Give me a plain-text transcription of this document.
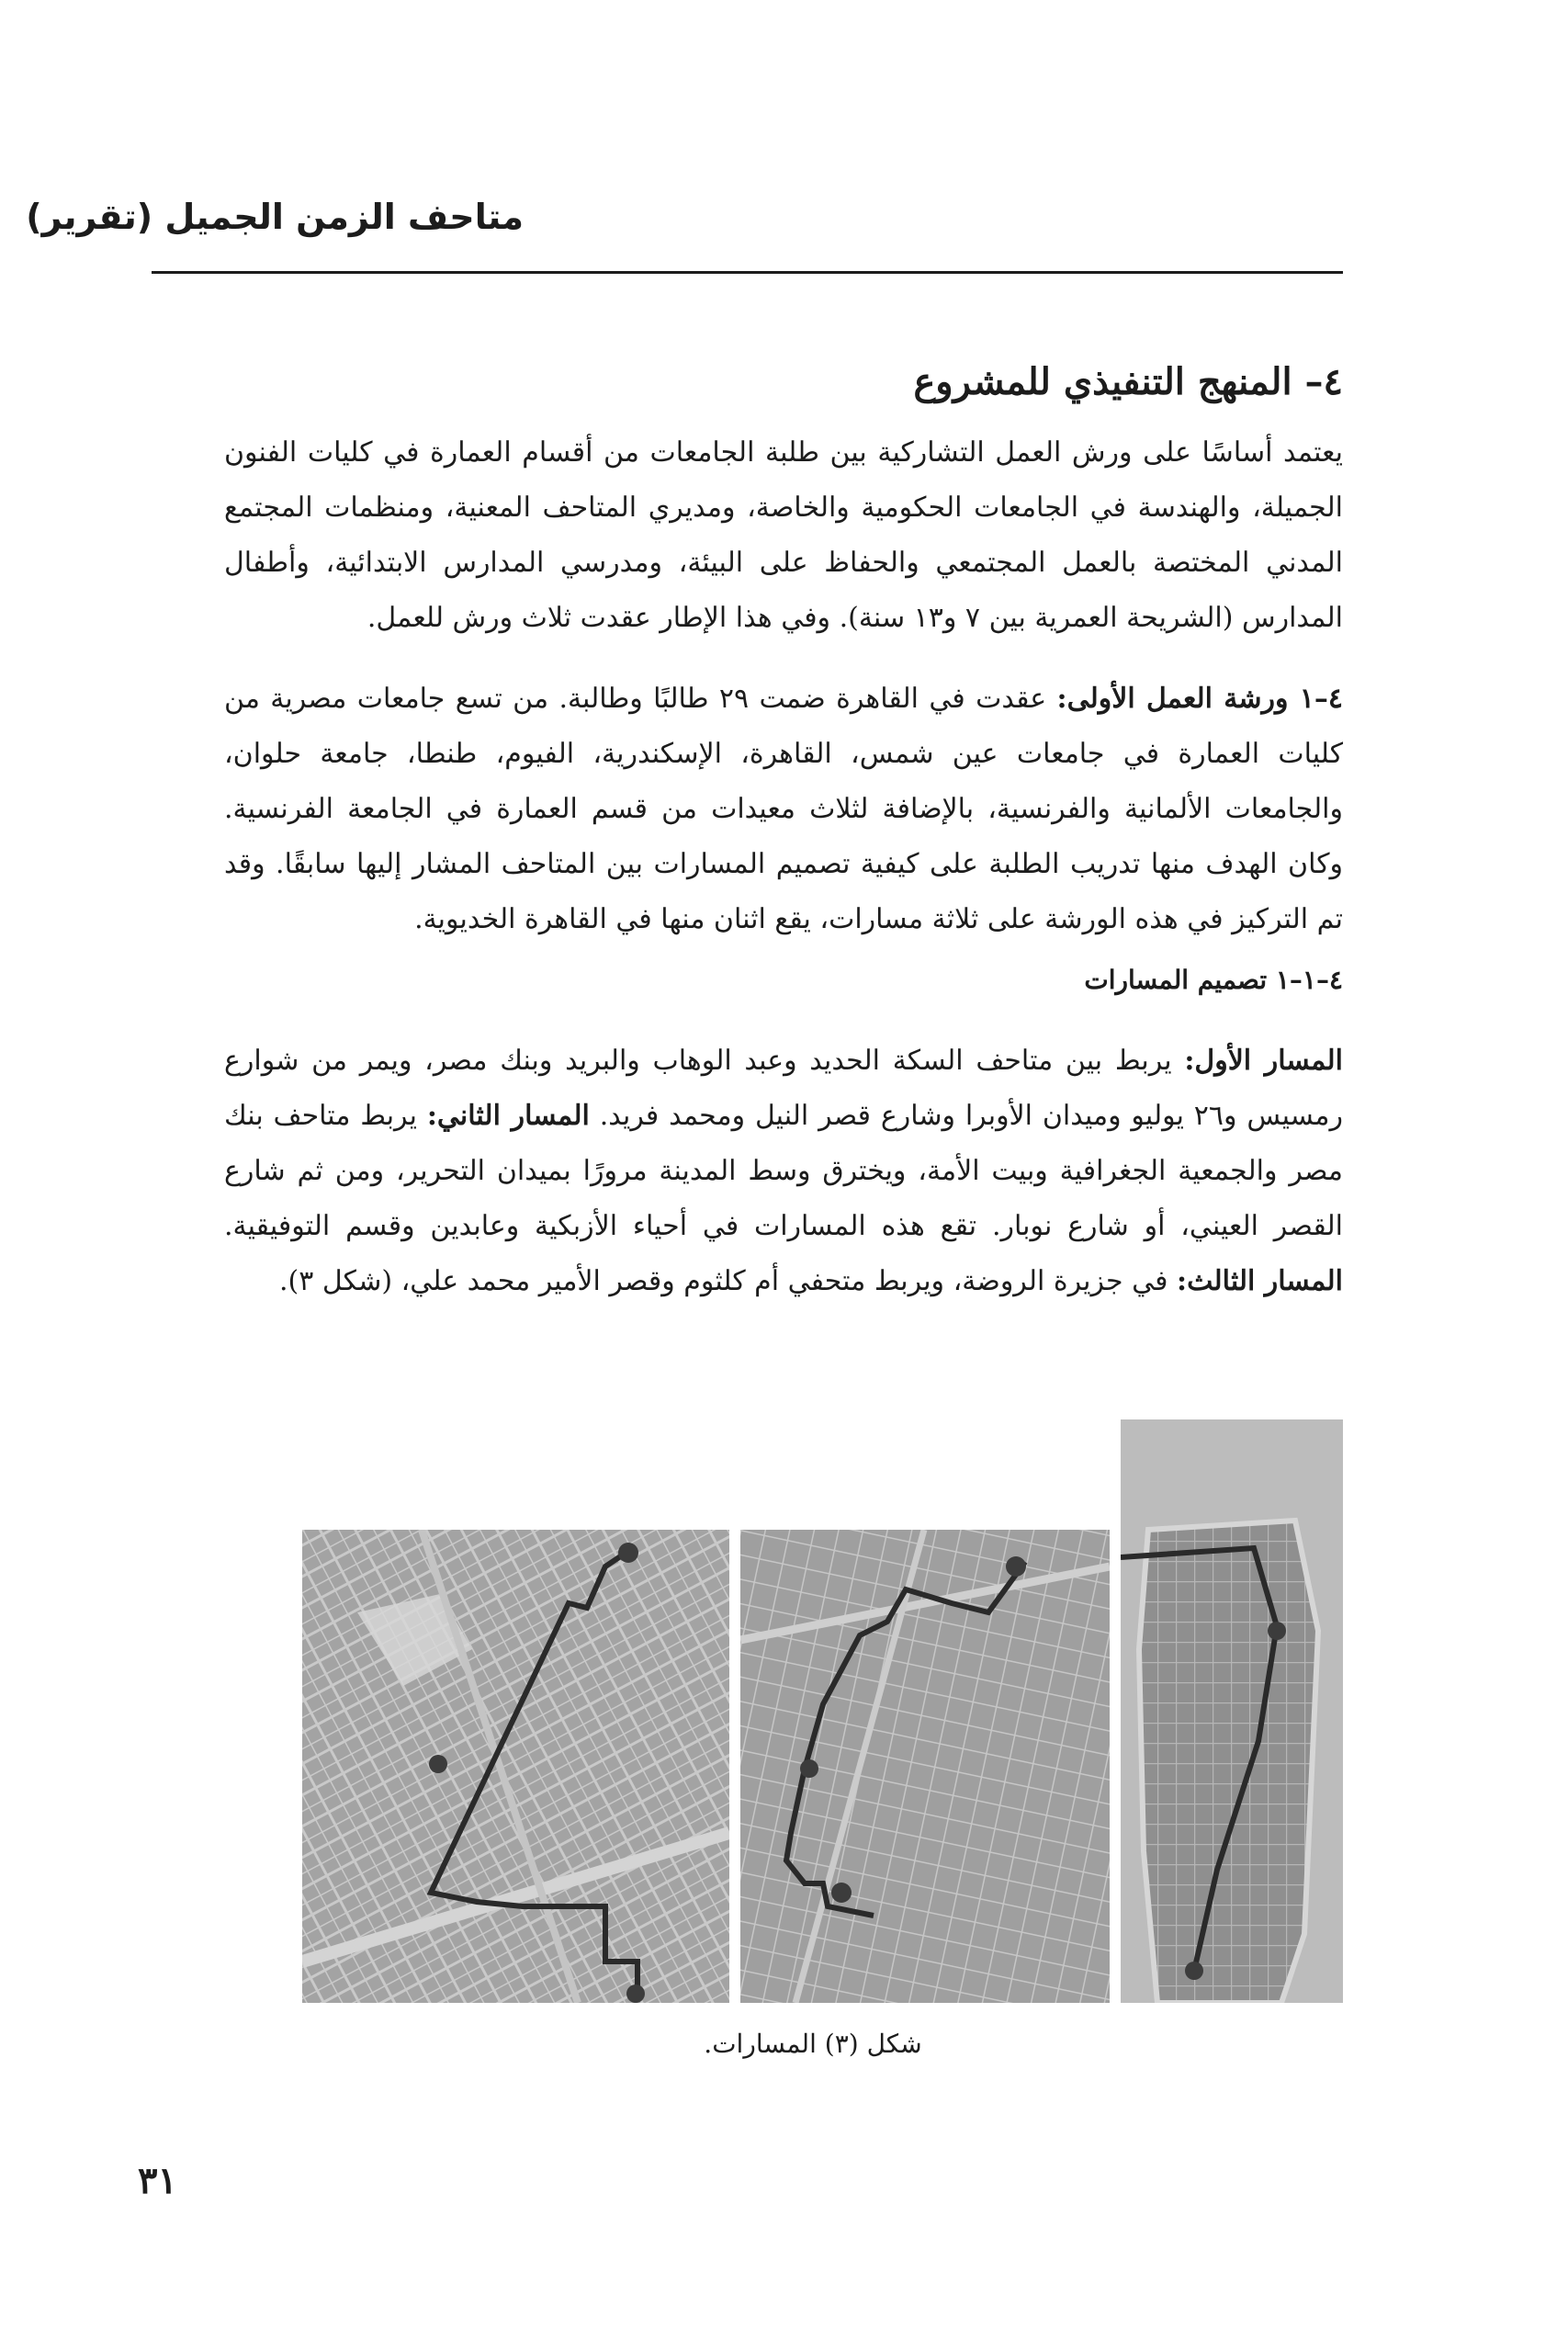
متاحف الزمن الجميل (تقرير)
٤– المنهج التنفيذي للمشروع

يعتمد أساسًا على ورش العمل التشاركية بين طلبة الجامعات من أقسام العمارة في كليات الفنون الجميلة، والهندسة في الجامعات الحكومية والخاصة، ومديري المتاحف المعنية، ومنظمات المجتمع المدني المختصة بالعمل المجتمعي والحفاظ على البيئة، ومدرسي المدارس الابتدائية، وأطفال المدارس (الشريحة العمرية بين ٧ و١٣ سنة). وفي هذا الإطار عقدت ثلاث ورش للعمل.

٤–١ ورشة العمل الأولى: عقدت في القاهرة ضمت ٢٩ طالبًا وطالبة. من تسع جامعات مصرية من كليات العمارة في جامعات عين شمس، القاهرة، الإسكندرية، الفيوم، طنطا، جامعة حلوان، والجامعات الألمانية والفرنسية، بالإضافة لثلاث معيدات من قسم العمارة في الجامعة الفرنسية. وكان الهدف منها تدريب الطلبة على كيفية تصميم المسارات بين المتاحف المشار إليها سابقًا. وقد تم التركيز في هذه الورشة على ثلاثة مسارات، يقع اثنان منها في القاهرة الخديوية.

٤–١–١ تصميم المسارات

المسار الأول: يربط بين متاحف السكة الحديد وعبد الوهاب والبريد وبنك مصر، ويمر من شوارع رمسيس و٢٦ يوليو وميدان الأوبرا وشارع قصر النيل ومحمد فريد. المسار الثاني: يربط متاحف بنك مصر والجمعية الجغرافية وبيت الأمة، ويخترق وسط المدينة مرورًا بميدان التحرير، ومن ثم شارع القصر العيني، أو شارع نوبار. تقع هذه المسارات في أحياء الأزبكية وعابدين وقسم التوفيقية. المسار الثالث: في جزيرة الروضة، ويربط متحفي أم كلثوم وقصر الأمير محمد علي، (شكل ٣).

شكل (٣) المسارات.
٣١
